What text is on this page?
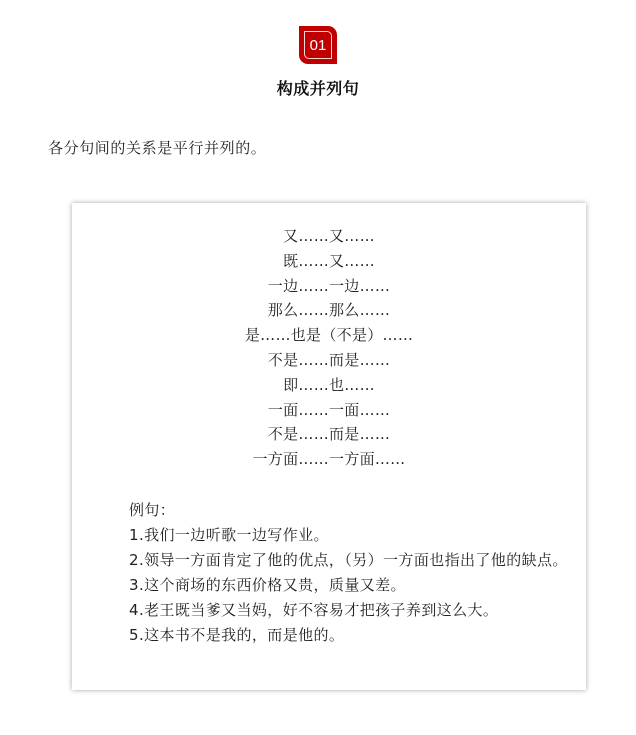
01
构成并列句
各分句间的关系是平行并列的。
又……又……
既……又……
一边……一边……
那么……那么……
是……也是（不是）……
不是……而是……
即……也……
一面……一面……
不是……而是……
一方面……一方面……
例句：
1.我们一边听歌一边写作业。
2.领导一方面肯定了他的优点，（另）一方面也指出了他的缺点。
3.这个商场的东西价格又贵，质量又差。
4.老王既当爹又当妈，好不容易才把孩子养到这么大。
5.这本书不是我的，而是他的。
